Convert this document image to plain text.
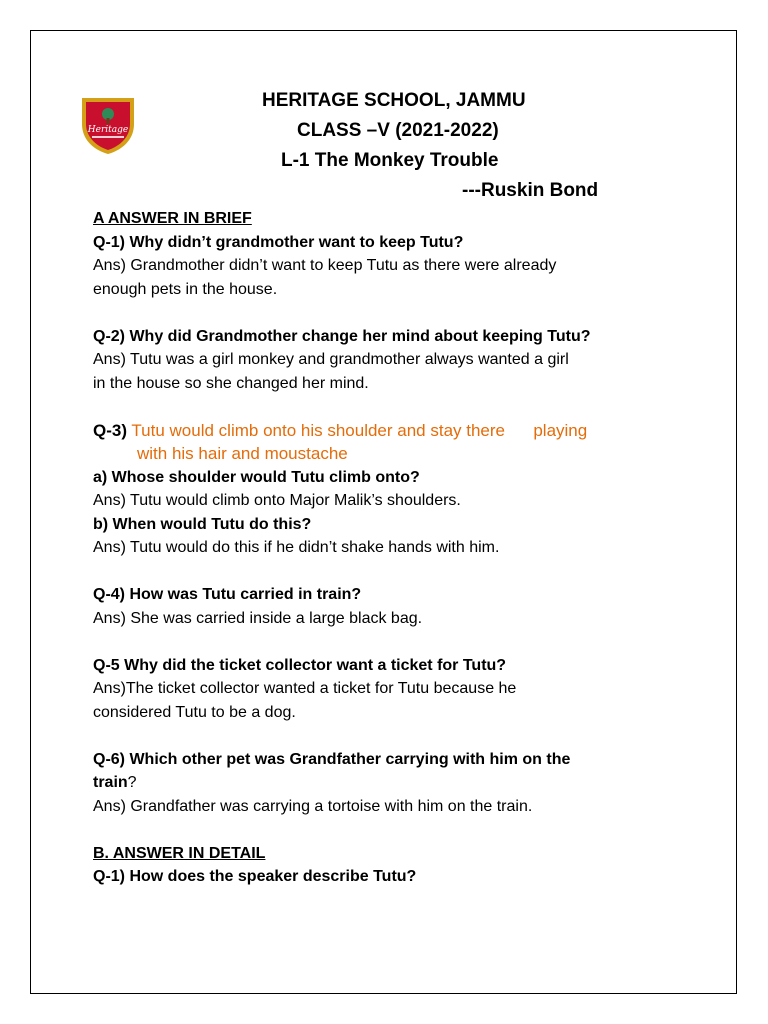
Heritage
HERITAGE SCHOOL, JAMMU
CLASS –V (2021-2022)
L-1 The Monkey Trouble
---Ruskin Bond

A ANSWER IN BRIEF

Q-1) Why didn’t grandmother want to keep Tutu?

Ans) Grandmother didn’t want to keep Tutu as there were already

enough pets in the house.

Q-2) Why did Grandmother change her mind about keeping Tutu?

Ans) Tutu was a girl monkey and grandmother always wanted a girl

in the house so she changed her mind.

Q-3) Tutu would climb onto his shoulder and stay there      playing

with his hair and moustache

a) Whose shoulder would Tutu climb onto?

Ans) Tutu would climb onto Major Malik’s shoulders.

b) When would Tutu do this?

Ans) Tutu would do this if he didn’t shake hands with him.

Q-4) How was Tutu carried in train?

Ans) She was carried inside a large black bag.

Q-5 Why did the ticket collector want a ticket for Tutu?

Ans)The ticket collector wanted a ticket for Tutu because he

considered Tutu to be a dog.

Q-6) Which other pet was Grandfather carrying with him on the

train?

Ans) Grandfather was carrying a tortoise with him on the train.

B. ANSWER IN DETAIL

Q-1) How does the speaker describe Tutu?
